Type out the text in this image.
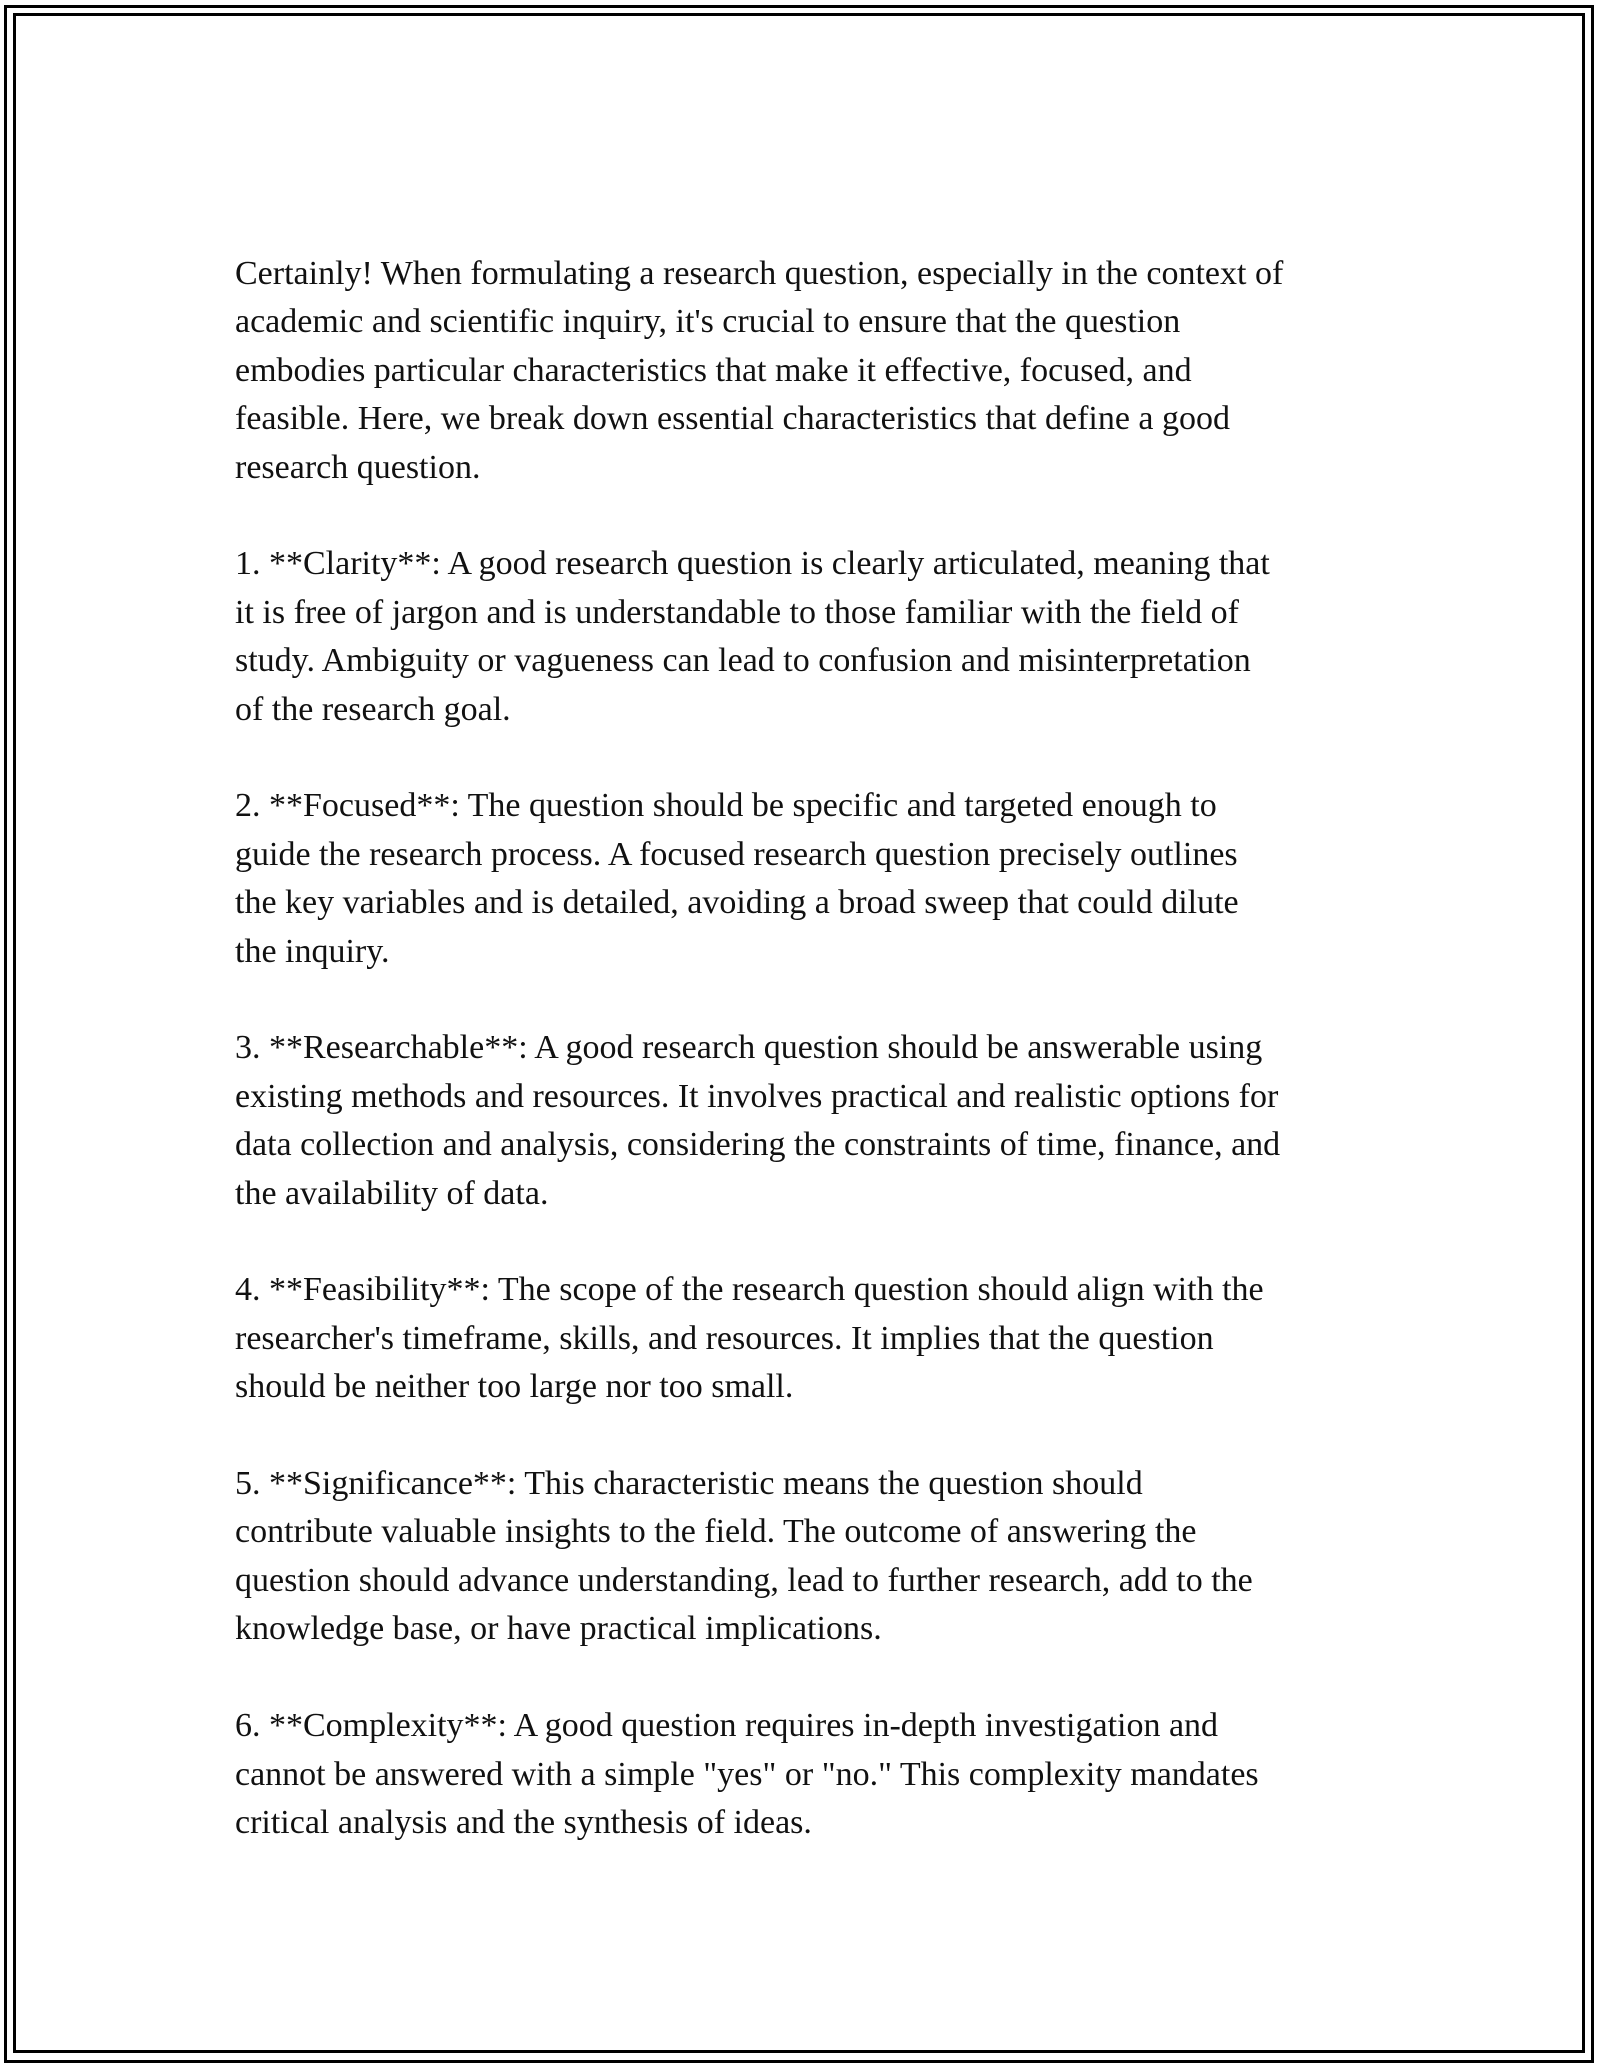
Certainly! When formulating a research question, especially in the context of
academic and scientific inquiry, it's crucial to ensure that the question
embodies particular characteristics that make it effective, focused, and
feasible. Here, we break down essential characteristics that define a good
research question.

1. **Clarity**: A good research question is clearly articulated, meaning that
it is free of jargon and is understandable to those familiar with the field of
study. Ambiguity or vagueness can lead to confusion and misinterpretation
of the research goal.

2. **Focused**: The question should be specific and targeted enough to
guide the research process. A focused research question precisely outlines
the key variables and is detailed, avoiding a broad sweep that could dilute
the inquiry.

3. **Researchable**: A good research question should be answerable using
existing methods and resources. It involves practical and realistic options for
data collection and analysis, considering the constraints of time, finance, and
the availability of data.

4. **Feasibility**: The scope of the research question should align with the
researcher's timeframe, skills, and resources. It implies that the question
should be neither too large nor too small.

5. **Significance**: This characteristic means the question should
contribute valuable insights to the field. The outcome of answering the
question should advance understanding, lead to further research, add to the
knowledge base, or have practical implications.

6. **Complexity**: A good question requires in-depth investigation and
cannot be answered with a simple "yes" or "no." This complexity mandates
critical analysis and the synthesis of ideas.
